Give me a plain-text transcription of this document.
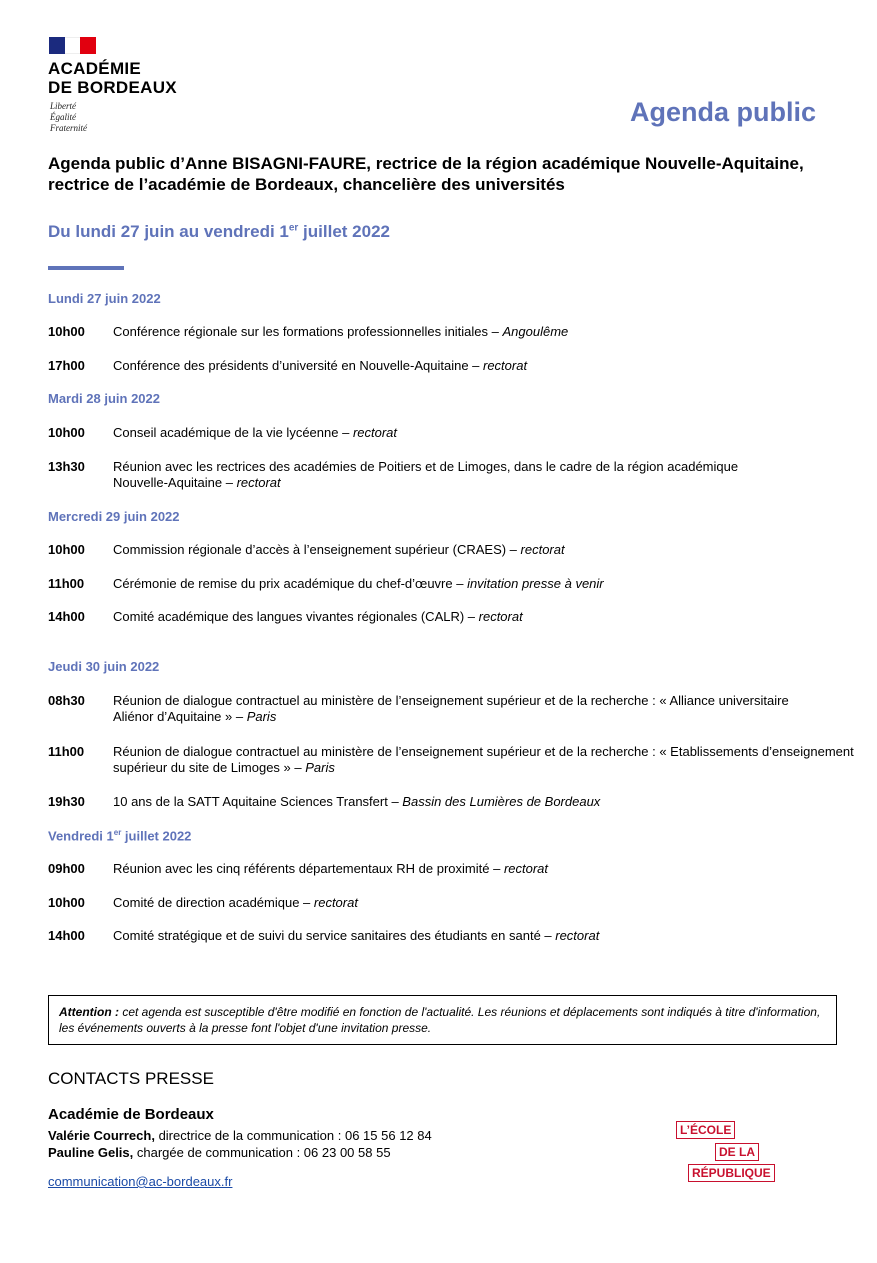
ACADÉMIE
DE BORDEAUX
Liberté
Égalité
Fraternité
Agenda public
Agenda public d’Anne BISAGNI-FAURE, rectrice de la région académique Nouvelle-Aquitaine, rectrice de l’académie de Bordeaux, chancelière des universités
Du lundi 27 juin au vendredi 1er juillet 2022
Lundi 27 juin 2022
10h00	Conférence régionale sur les formations professionnelles initiales – Angoulême
17h00	Conférence des présidents d’université en Nouvelle-Aquitaine – rectorat
Mardi 28 juin 2022
10h00	Conseil académique de la vie lycéenne – rectorat
13h30	Réunion avec les rectrices des académies de Poitiers et de Limoges, dans le cadre de la région académique Nouvelle-Aquitaine – rectorat
Mercredi 29 juin 2022
10h00	Commission régionale d’accès à l’enseignement supérieur (CRAES) – rectorat
11h00	Cérémonie de remise du prix académique du chef-d’œuvre – invitation presse à venir
14h00	Comité académique des langues vivantes régionales (CALR) – rectorat
Jeudi 30 juin 2022
08h30	Réunion de dialogue contractuel au ministère de l’enseignement supérieur et de la recherche : « Alliance universitaire Aliénor d’Aquitaine » – Paris
11h00	Réunion de dialogue contractuel au ministère de l’enseignement supérieur et de la recherche : « Etablissements d’enseignement supérieur du site de Limoges » – Paris
19h30	10 ans de la SATT Aquitaine Sciences Transfert – Bassin des Lumières de Bordeaux
Vendredi 1er juillet 2022
09h00	Réunion avec les cinq référents départementaux RH de proximité – rectorat
10h00	Comité de direction académique – rectorat
14h00	Comité stratégique et de suivi du service sanitaires des étudiants en santé – rectorat
Attention : cet agenda est susceptible d'être modifié en fonction de l'actualité. Les réunions et déplacements sont indiqués à titre d'information, les événements ouverts à la presse font l'objet d'une invitation presse.
CONTACTS PRESSE
Académie de Bordeaux
Valérie Courrech, directrice de la communication : 06 15 56 12 84
Pauline Gelis, chargée de communication : 06 23 00 58 55
communication@ac-bordeaux.fr
L’ÉCOLE
DE LA
RÉPUBLIQUE
